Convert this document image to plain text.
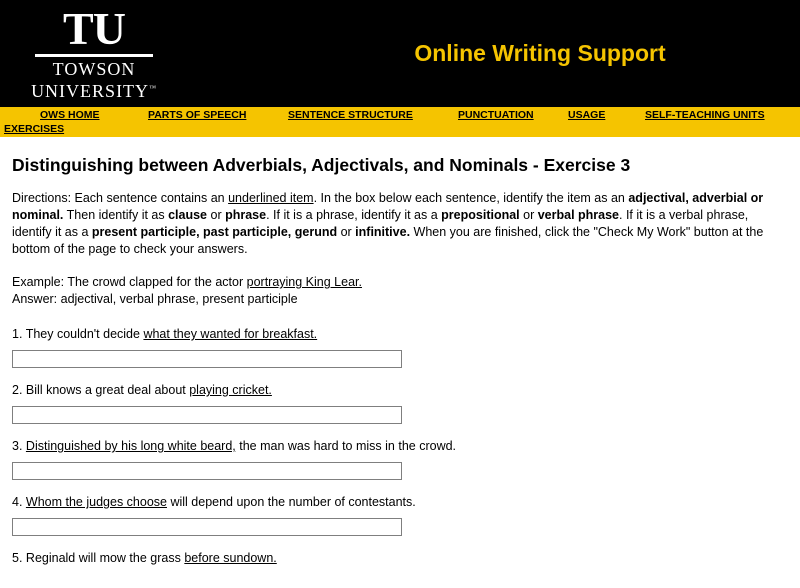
TU
TOWSON
UNIVERSITY™
Online Writing Support
OWS HOME	PARTS OF SPEECH	SENTENCE STRUCTURE	PUNCTUATION	USAGE	SELF-TEACHING UNITS
EXERCISES
Distinguishing between Adverbials, Adjectivals, and Nominals - Exercise 3

Directions: Each sentence contains an underlined item. In the box below each sentence, identify the item as an adjectival, adverbial or nominal. Then identify it as clause or phrase. If it is a phrase, identify it as a prepositional or verbal phrase. If it is a verbal phrase, identify it as a present participle, past participle, gerund or infinitive. When you are finished, click the "Check My Work" button at the bottom of the page to check your answers.

Example: The crowd clapped for the actor portraying King Lear.
Answer: adjectival, verbal phrase, present participle
1. They couldn't decide what they wanted for breakfast.
2. Bill knows a great deal about playing cricket.
3. Distinguished by his long white beard, the man was hard to miss in the crowd.
4. Whom the judges choose will depend upon the number of contestants.
5. Reginald will mow the grass before sundown.
